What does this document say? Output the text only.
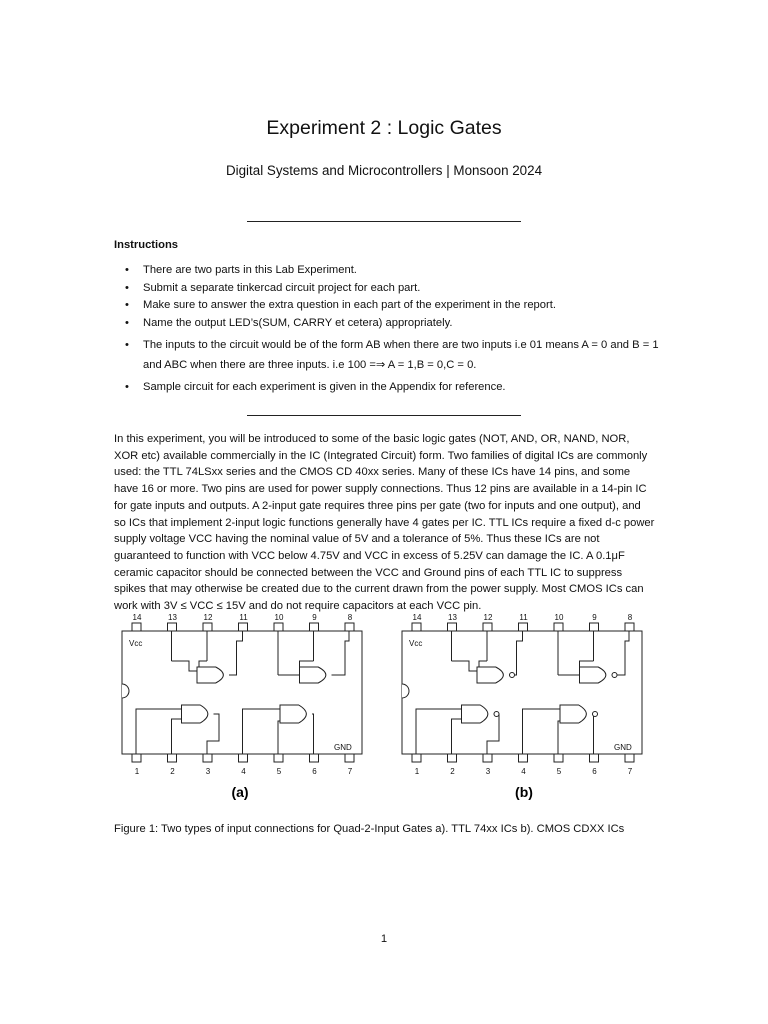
Experiment 2 : Logic Gates
Digital Systems and Microcontrollers | Monsoon 2024
Instructions
• There are two parts in this Lab Experiment.
• Submit a separate tinkercad circuit project for each part.
• Make sure to answer the extra question in each part of the experiment in the report.
• Name the output LED’s(SUM, CARRY et cetera) appropriately.
• The inputs to the circuit would be of the form AB when there are two inputs i.e 01 means A = 0 and B = 1 and ABC when there are three inputs. i.e 100 =⇒ A = 1,B = 0,C = 0.
• Sample circuit for each experiment is given in the Appendix for reference.

In this experiment, you will be introduced to some of the basic logic gates (NOT, AND, OR, NAND, NOR, XOR etc) available commercially in the IC (Integrated Circuit) form. Two families of digital ICs are commonly used: the TTL 74LSxx series and the CMOS CD 40xx series. Many of these ICs have 14 pins, and some have 16 or more. Two pins are used for power supply connections. Thus 12 pins are available in a 14-pin IC for gate inputs and outputs. A 2-input gate requires three pins per gate (two for inputs and one output), and so ICs that implement 2-input logic functions generally have 4 gates per IC. TTL ICs require a fixed d-c power supply voltage VCC having the nominal value of 5V and a tolerance of 5%. Thus these ICs are not guaranteed to function with VCC below 4.75V and VCC in excess of 5.25V can damage the IC. A 0.1μF ceramic capacitor should be connected between the VCC and Ground pins of each TTL IC to suppress spikes that may otherwise be created due to the current drawn from the power supply. Most CMOS ICs can work with 3V ≤ VCC ≤ 15V and do not require capacitors at each VCC pin.

14
1
13
2
12
3
11
4
10
5
9
6
8
7
Vcc
GND
14
1
13
2
12
3
11
4
10
5
9
6
8
7
Vcc
GND
(a)	(b)
Figure 1: Two types of input connections for Quad-2-Input Gates a). TTL 74xx ICs b). CMOS CDXX ICs
1
